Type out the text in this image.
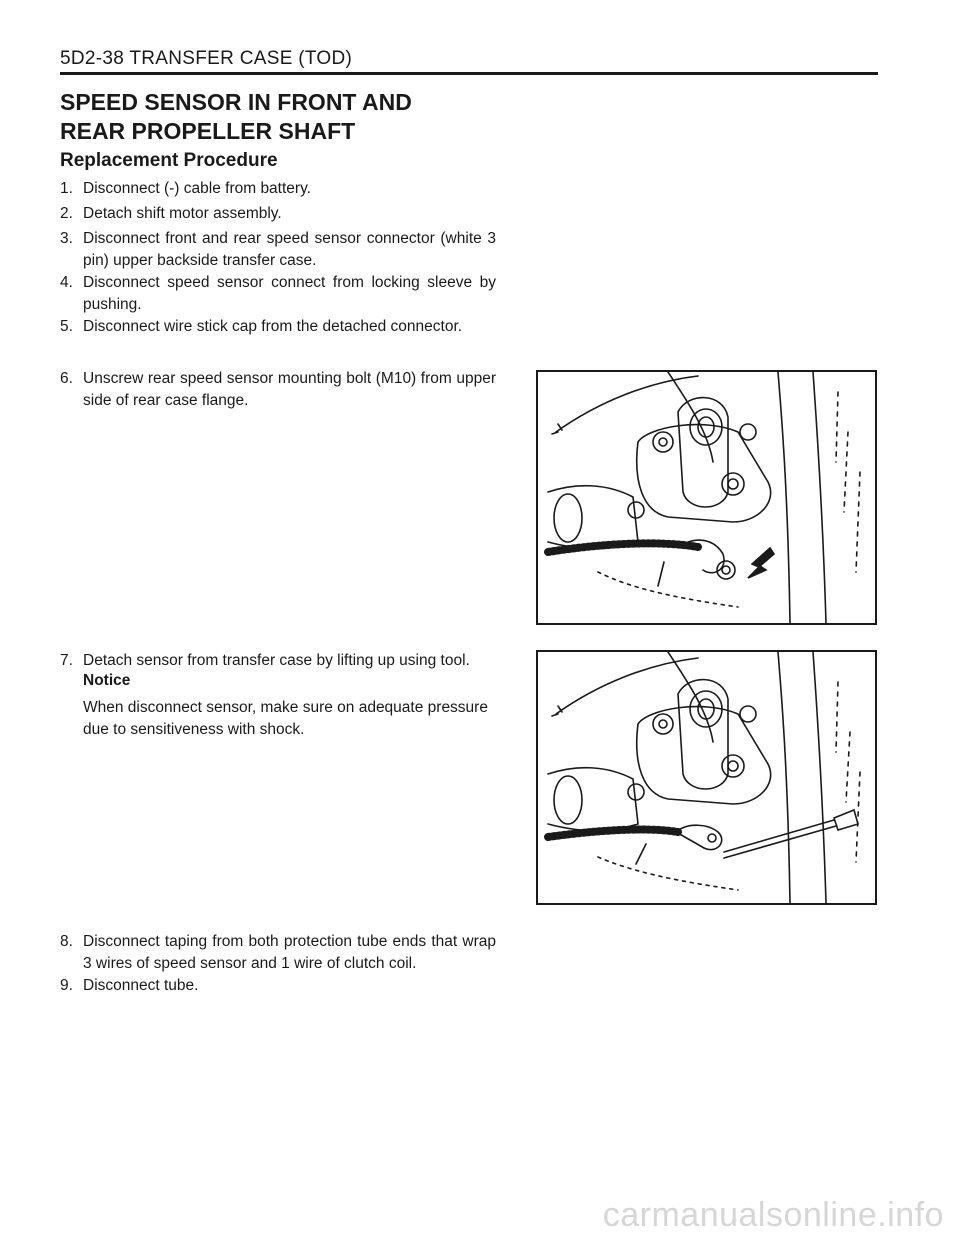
5D2-38 TRANSFER CASE (TOD)
SPEED SENSOR IN FRONT AND
REAR PROPELLER SHAFT
Replacement Procedure
1. Disconnect (-) cable from battery.
2. Detach shift motor assembly.
3. Disconnect front and rear speed sensor connector (white 3 pin) upper backside transfer case.
4. Disconnect speed sensor connect from locking sleeve by pushing.
5. Disconnect wire stick cap from the detached connector.
6. Unscrew rear speed sensor mounting bolt (M10) from upper side of rear case flange.
7. Detach sensor from transfer case by lifting up using tool.
Notice
When disconnect sensor, make sure on adequate pressure due to sensitiveness with shock.
8. Disconnect taping from both protection tube ends that wrap 3 wires of speed sensor and 1 wire of clutch coil.
9. Disconnect tube.
carmanualsonline.info
